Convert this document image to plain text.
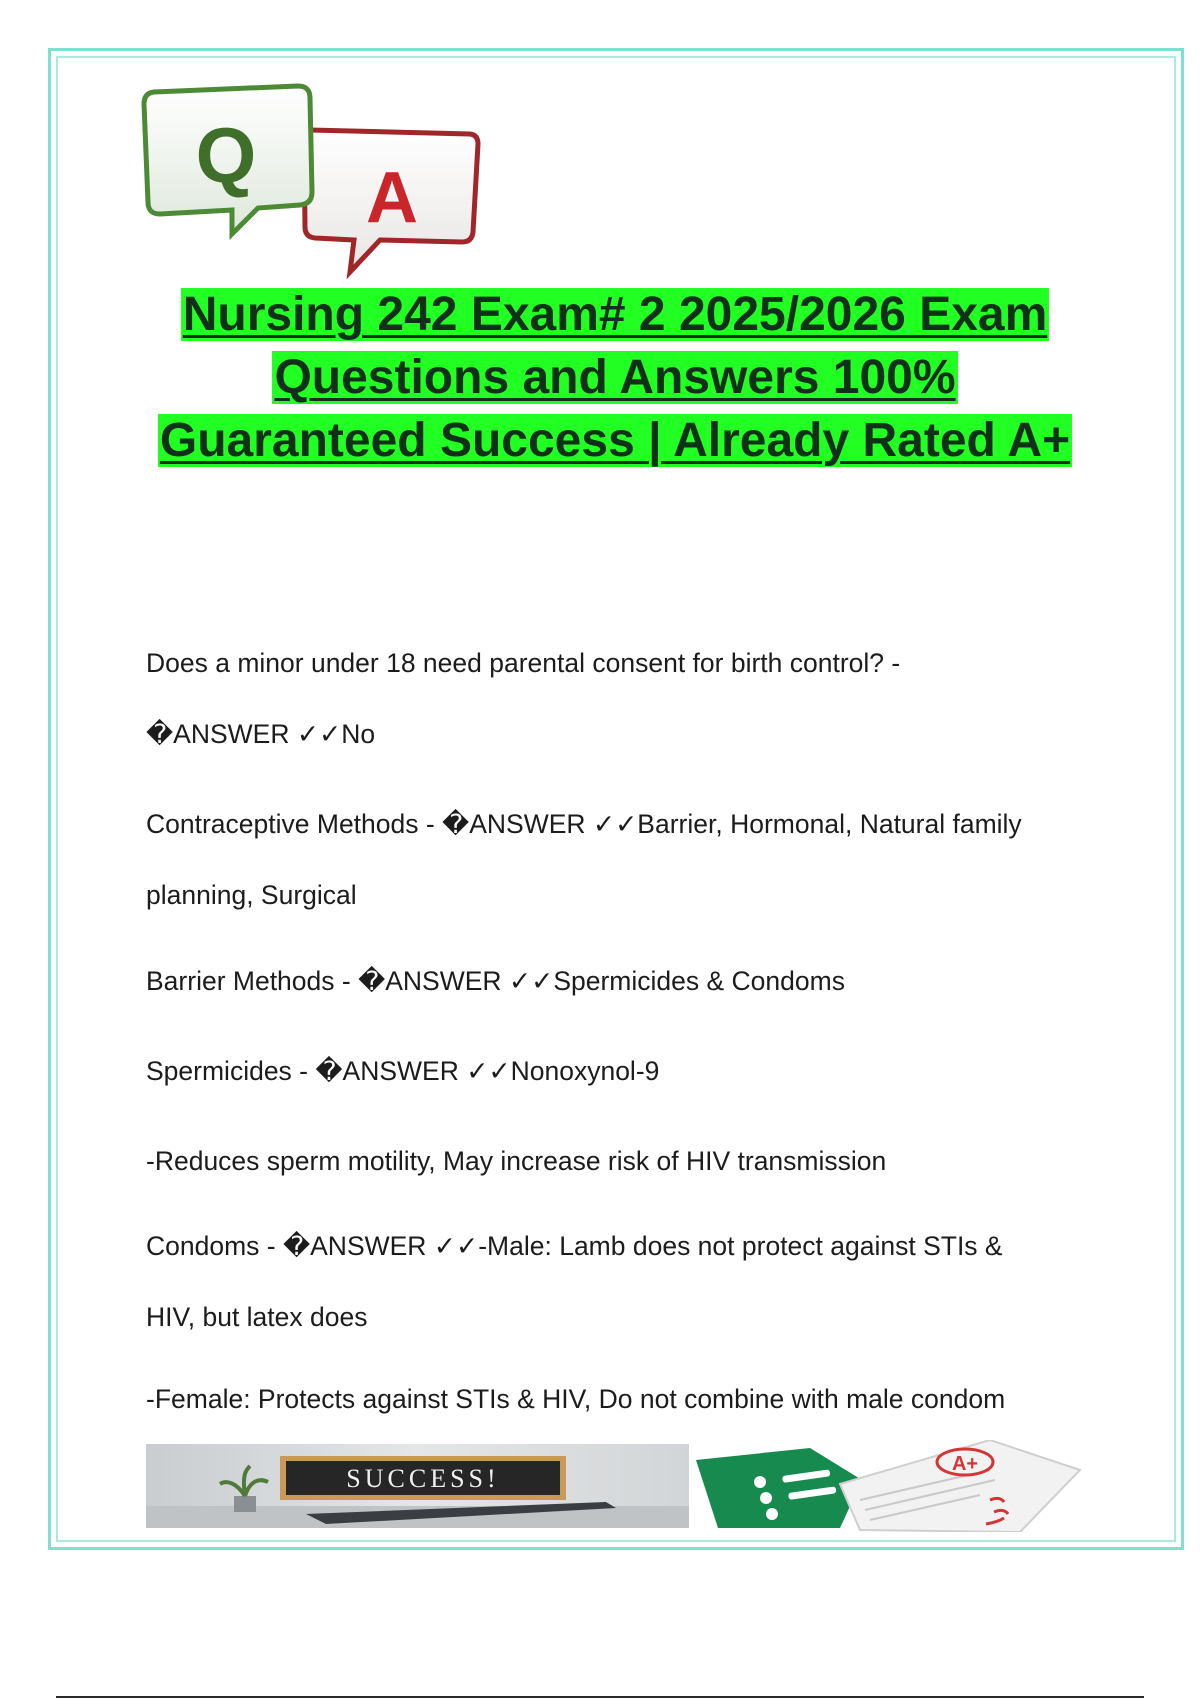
A
Q
Nursing 242 Exam# 2 2025/2026 Exam
Questions and Answers 100%
Guaranteed Success | Already Rated A+
Does a minor under 18 need parental consent for birth control? -
�ANSWER ✓✓No
Contraceptive Methods - �ANSWER ✓✓Barrier, Hormonal, Natural family
planning, Surgical
Barrier Methods - �ANSWER ✓✓Spermicides & Condoms
Spermicides - �ANSWER ✓✓Nonoxynol-9
-Reduces sperm motility, May increase risk of HIV transmission
Condoms - �ANSWER ✓✓-Male: Lamb does not protect against STIs &
HIV, but latex does
-Female: Protects against STIs & HIV, Do not combine with male condom
SUCCESS!	A+
